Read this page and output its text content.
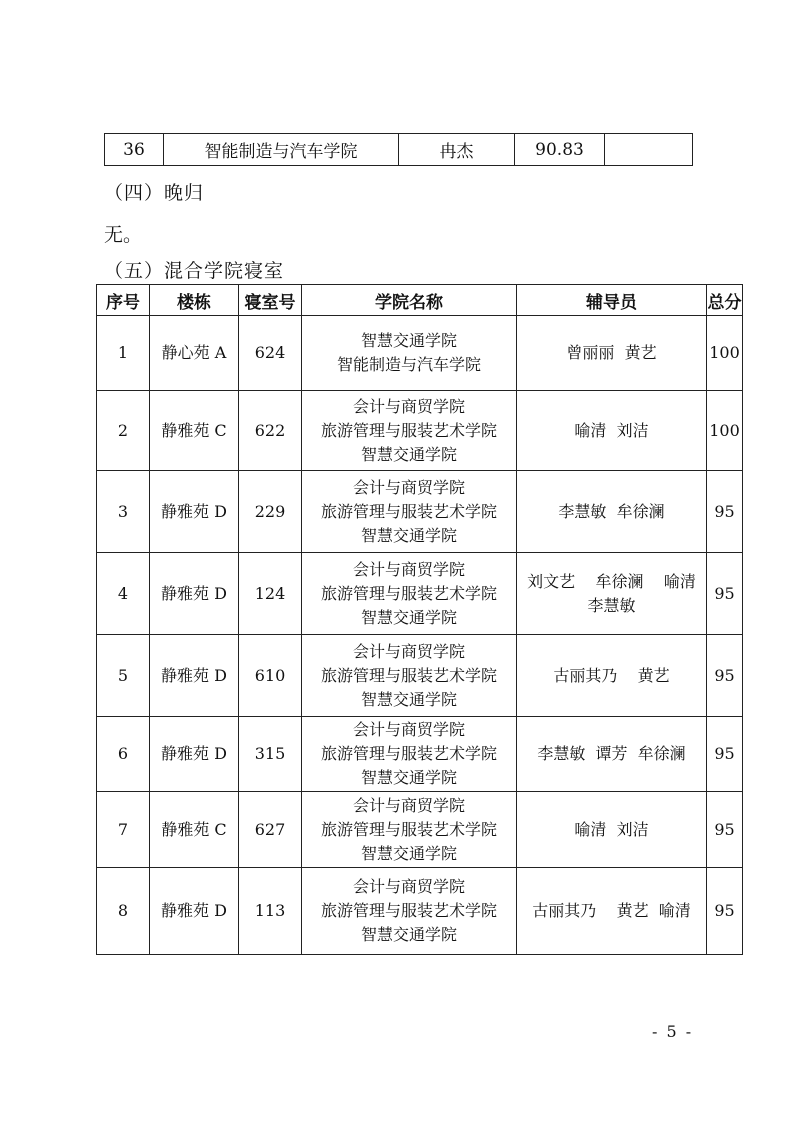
36	智能制造与汽车学院	冉杰	90.83	
（四）晚归
无。
（五）混合学院寝室
序号	楼栋	寝室号	学院名称	辅导员	总分
1	静心苑 A	624	智慧交通学院
智能制造与汽车学院	曾丽丽  黄艺	100
2	静雅苑 C	622	会计与商贸学院
旅游管理与服装艺术学院
智慧交通学院	喻清  刘洁	100
3	静雅苑 D	229	会计与商贸学院
旅游管理与服装艺术学院
智慧交通学院	李慧敏  牟徐澜	95
4	静雅苑 D	124	会计与商贸学院
旅游管理与服装艺术学院
智慧交通学院	刘文艺    牟徐澜    喻清
李慧敏	95
5	静雅苑 D	610	会计与商贸学院
旅游管理与服装艺术学院
智慧交通学院	古丽其乃    黄艺	95
6	静雅苑 D	315	会计与商贸学院
旅游管理与服装艺术学院
智慧交通学院	李慧敏  谭芳  牟徐澜	95
7	静雅苑 C	627	会计与商贸学院
旅游管理与服装艺术学院
智慧交通学院	喻清  刘洁	95
8	静雅苑 D	113	会计与商贸学院
旅游管理与服装艺术学院
智慧交通学院	古丽其乃    黄艺  喻清	95
- 5 -
